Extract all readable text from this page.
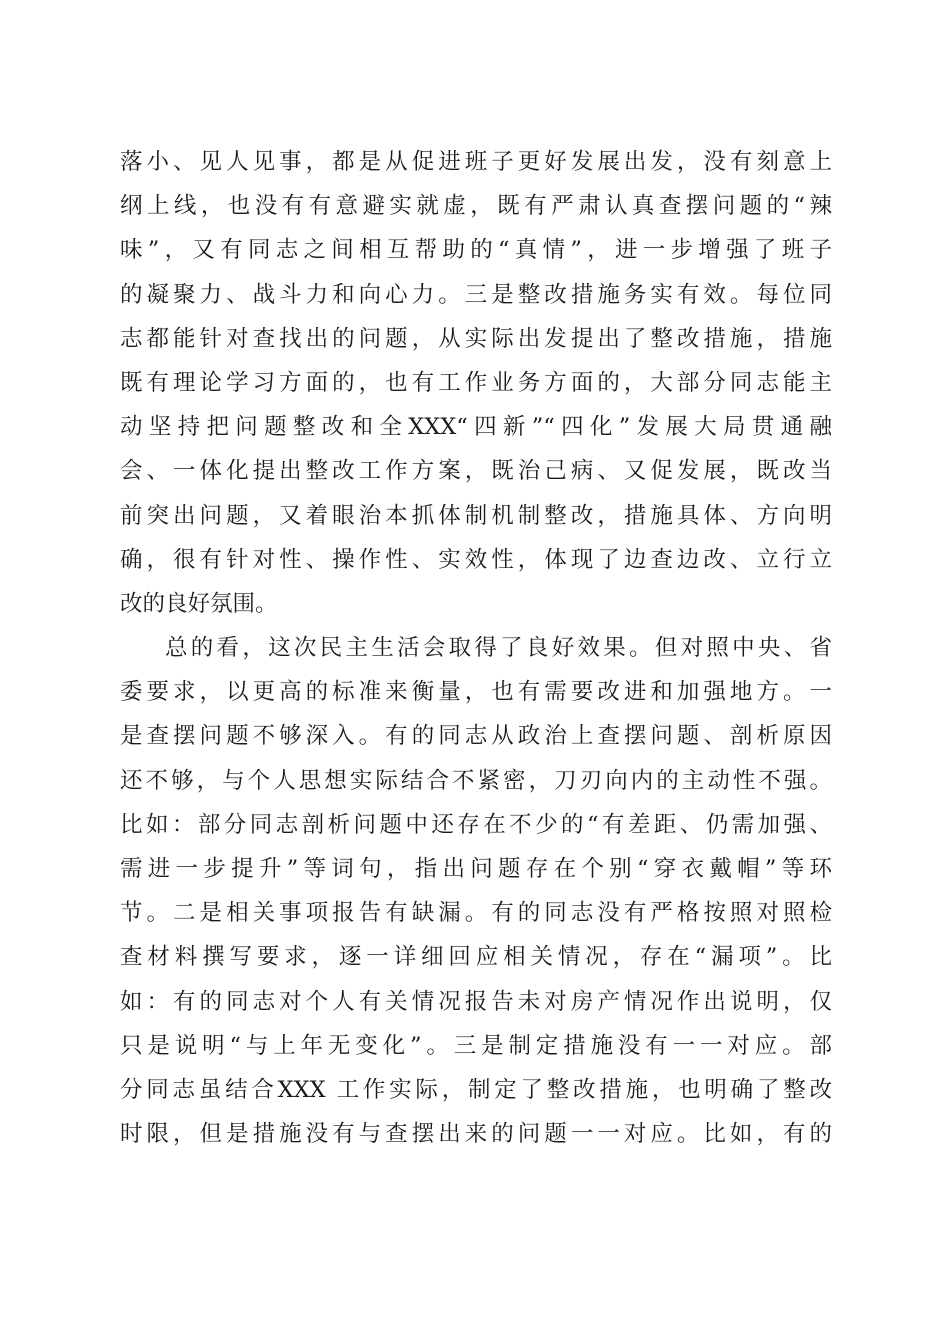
落小、见人见事，都是从促进班子更好发展出发，没有刻意上
纲上线，也没有有意避实就虚，既有严肃认真查摆问题的“辣
味”，又有同志之间相互帮助的“真情”，进一步增强了班子
的凝聚力、战斗力和向心力。三是整改措施务实有效。每位同
志都能针对查找出的问题，从实际出发提出了整改措施，措施
既有理论学习方面的，也有工作业务方面的，大部分同志能主
动坚持把问题整改和全XXX“四新”“四化”发展大局贯通融
会、一体化提出整改工作方案，既治己病、又促发展，既改当
前突出问题，又着眼治本抓体制机制整改，措施具体、方向明
确，很有针对性、操作性、实效性，体现了边查边改、立行立
改的良好氛围。
总的看，这次民主生活会取得了良好效果。但对照中央、省
委要求，以更高的标准来衡量，也有需要改进和加强地方。一
是查摆问题不够深入。有的同志从政治上查摆问题、剖析原因
还不够，与个人思想实际结合不紧密，刀刃向内的主动性不强。
比如：部分同志剖析问题中还存在不少的“有差距、仍需加强、
需进一步提升”等词句，指出问题存在个别“穿衣戴帽”等环
节。二是相关事项报告有缺漏。有的同志没有严格按照对照检
查材料撰写要求，逐一详细回应相关情况，存在“漏项”。比
如：有的同志对个人有关情况报告未对房产情况作出说明，仅
只是说明“与上年无变化”。三是制定措施没有一一对应。部
分同志虽结合XXX 工作实际，制定了整改措施，也明确了整改
时限，但是措施没有与查摆出来的问题一一对应。比如，有的
